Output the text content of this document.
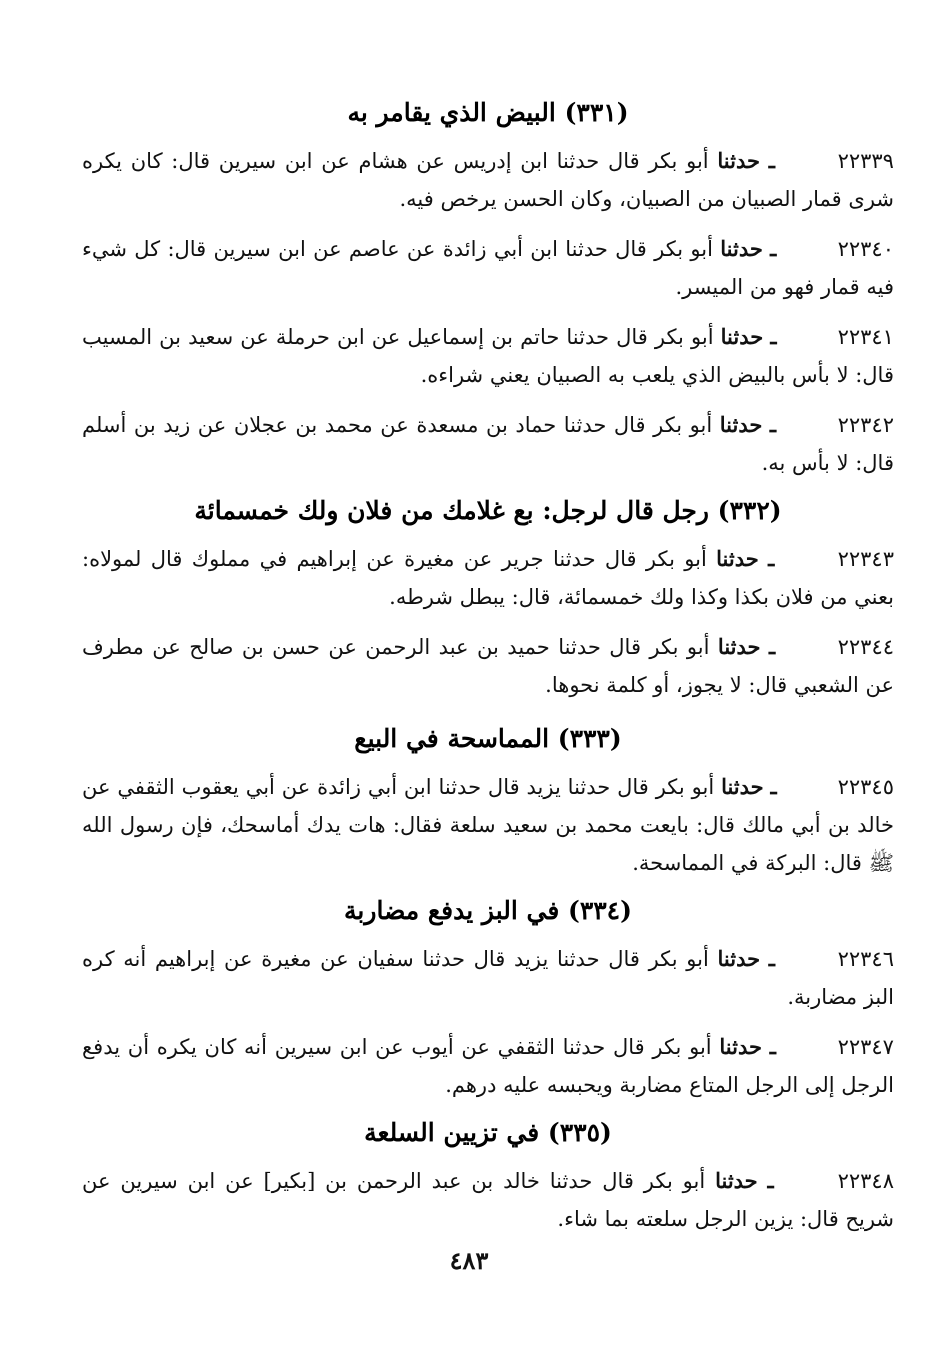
(٣٣١) البيض الذي يقامر به

٢٢٣٣٩ ـ حدثنا أبو بكر قال حدثنا ابن إدريس عن هشام عن ابن سيرين قال: كان يكره شرى قمار الصبيان من الصبيان، وكان الحسن يرخص فيه.

٢٢٣٤٠ ـ حدثنا أبو بكر قال حدثنا ابن أبي زائدة عن عاصم عن ابن سيرين قال: كل شيء فيه قمار فهو من الميسر.

٢٢٣٤١ ـ حدثنا أبو بكر قال حدثنا حاتم بن إسماعيل عن ابن حرملة عن سعيد بن المسيب قال: لا بأس بالبيض الذي يلعب به الصبيان يعني شراءه.

٢٢٣٤٢ ـ حدثنا أبو بكر قال حدثنا حماد بن مسعدة عن محمد بن عجلان عن زيد بن أسلم قال: لا بأس به.

(٣٣٢) رجل قال لرجل: بع غلامك من فلان ولك خمسمائة

٢٢٣٤٣ ـ حدثنا أبو بكر قال حدثنا جرير عن مغيرة عن إبراهيم في مملوك قال لمولاه: بعني من فلان بكذا وكذا ولك خمسمائة، قال: يبطل شرطه.

٢٢٣٤٤ ـ حدثنا أبو بكر قال حدثنا حميد بن عبد الرحمن عن حسن بن صالح عن مطرف عن الشعبي قال: لا يجوز، أو كلمة نحوها.

(٣٣٣) المماسحة في البيع

٢٢٣٤٥ ـ حدثنا أبو بكر قال حدثنا يزيد قال حدثنا ابن أبي زائدة عن أبي يعقوب الثقفي عن خالد بن أبي مالك قال: بايعت محمد بن سعيد سلعة فقال: هات يدك أماسحك، فإن رسول الله ﷺ قال: البركة في المماسحة.

(٣٣٤) في البز يدفع مضاربة

٢٢٣٤٦ ـ حدثنا أبو بكر قال حدثنا يزيد قال حدثنا سفيان عن مغيرة عن إبراهيم أنه كره البز مضاربة.

٢٢٣٤٧ ـ حدثنا أبو بكر قال حدثنا الثقفي عن أيوب عن ابن سيرين أنه كان يكره أن يدفع الرجل إلى الرجل المتاع مضاربة ويحبسه عليه درهم.

(٣٣٥) في تزيين السلعة

٢٢٣٤٨ ـ حدثنا أبو بكر قال حدثنا خالد بن عبد الرحمن بن [بكير] عن ابن سيرين عن شريح قال: يزين الرجل سلعته بما شاء.

٤٨٣
